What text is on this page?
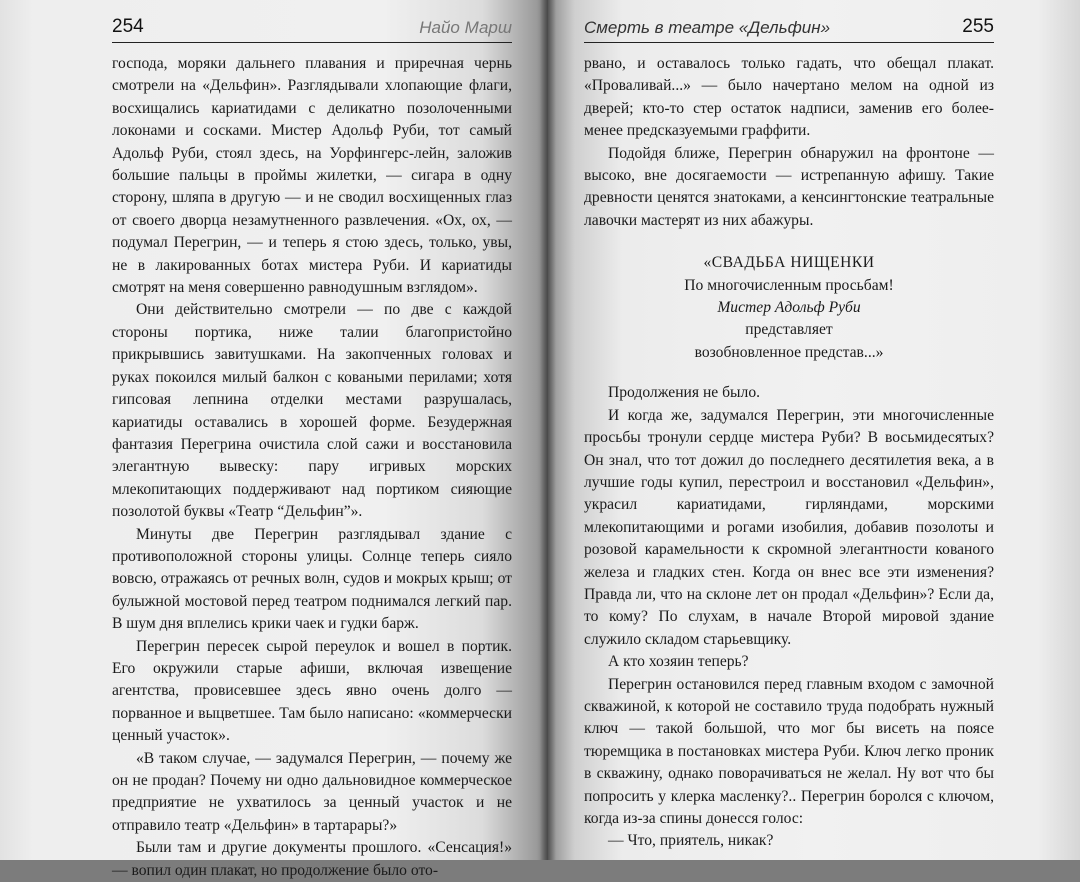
254	Найо Марш

господа, моряки дальнего плавания и приречная чернь смотрели на «Дельфин». Разглядывали хлопающие флаги, восхищались кариатидами с деликатно позолоченными локонами и сосками. Мистер Адольф Руби, тот самый Адольф Руби, стоял здесь, на Уорфингерс-лейн, заложив большие пальцы в проймы жилетки, — сигара в одну сторону, шляпа в другую — и не сводил восхищенных глаз от своего дворца незамутненного развлечения. «Ох, ох, — подумал Перегрин, — и теперь я стою здесь, только, увы, не в лакированных ботах мистера Руби. И кариатиды смотрят на меня совершенно равнодушным взглядом».

Они действительно смотрели — по две с каждой стороны портика, ниже талии благопристойно прикрывшись завитушками. На закопченных головах и руках покоился милый балкон с коваными перилами; хотя гипсовая лепнина отделки местами разрушалась, кариатиды оставались в хорошей форме. Безудержная фантазия Перегрина очистила слой сажи и восстановила элегантную вывеску: пару игривых морских млекопитающих поддерживают над портиком сияющие позолотой буквы «Театр “Дельфин”».

Минуты две Перегрин разглядывал здание с противоположной стороны улицы. Солнце теперь сияло вовсю, отражаясь от речных волн, судов и мокрых крыш; от булыжной мостовой перед театром поднимался легкий пар. В шум дня вплелись крики чаек и гудки барж.

Перегрин пересек сырой переулок и вошел в портик. Его окружили старые афиши, включая извещение агентства, провисевшее здесь явно очень долго — порванное и выцветшее. Там было написано: «коммерчески ценный участок».

«В таком случае, — задумался Перегрин, — почему же он не продан? Почему ни одно дальновидное коммерческое предприятие не ухватилось за ценный участок и не отправило театр «Дельфин» в тартарары?»

Были там и другие документы прошлого. «Сенсация!» — вопил один плакат, но продолжение было ото-

Смерть в театре «Дельфин»	255

рвано, и оставалось только гадать, что обещал плакат. «Проваливай...» — было начертано мелом на одной из дверей; кто-то стер остаток надписи, заменив его более-менее предсказуемыми граффити.

Подойдя ближе, Перегрин обнаружил на фронтоне — высоко, вне досягаемости — истрепанную афишу. Такие древности ценятся знатоками, а кенсингтонские театральные лавочки мастерят из них абажуры.

«СВАДЬБА НИЩЕНКИ
По многочисленным просьбам!
Мистер Адольф Руби
представляет
возобновленное представ...»

Продолжения не было.

И когда же, задумался Перегрин, эти многочисленные просьбы тронули сердце мистера Руби? В восьмидесятых? Он знал, что тот дожил до последнего десятилетия века, а в лучшие годы купил, перестроил и восстановил «Дельфин», украсил кариатидами, гирляндами, морскими млекопитающими и рогами изобилия, добавив позолоты и розовой карамельности к скромной элегантности кованого железа и гладких стен. Когда он внес все эти изменения? Правда ли, что на склоне лет он продал «Дельфин»? Если да, то кому? По слухам, в начале Второй мировой здание служило складом старьевщику.

А кто хозяин теперь?

Перегрин остановился перед главным входом с замочной скважиной, к которой не составило труда подобрать нужный ключ — такой большой, что мог бы висеть на поясе тюремщика в постановках мистера Руби. Ключ легко проник в скважину, однако поворачиваться не желал. Ну вот что бы попросить у клерка масленку?.. Перегрин боролся с ключом, когда из-за спины донесся голос:

— Что, приятель, никак?
